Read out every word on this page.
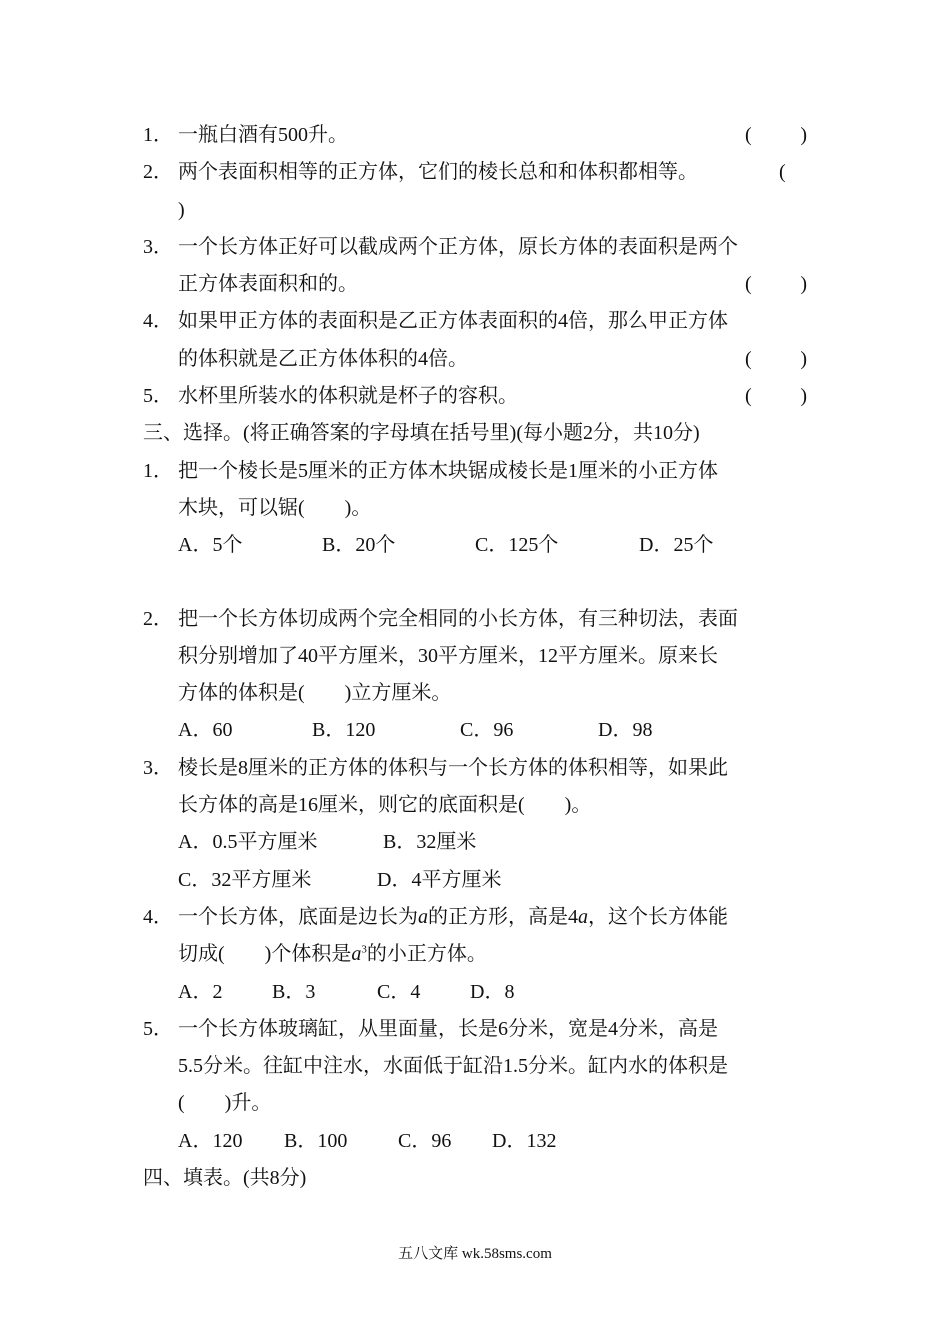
1． 一瓶白酒有500升。	( )
2． 两个表面积相等的正方体，它们的棱长总和和体积都相等。	(
)
3． 一个长方体正好可以截成两个正方体，原长方体的表面积是两个
正方体表面积和的。	( )
4． 如果甲正方体的表面积是乙正方体表面积的4倍，那么甲正方体
的体积就是乙正方体体积的4倍。	( )
5． 水杯里所装水的体积就是杯子的容积。	( )
三、选择。(将正确答案的字母填在括号里)(每小题2分，共10分)
1． 把一个棱长是5厘米的正方体木块锯成棱长是1厘米的小正方体
木块，可以锯(　　)。
A．5个	B．20个	C．125个	D．25个
2． 把一个长方体切成两个完全相同的小长方体，有三种切法，表面
积分别增加了40平方厘米，30平方厘米，12平方厘米。原来长
方体的体积是(　　)立方厘米。
A．60	B．120	C．96	D．98
3． 棱长是8厘米的正方体的体积与一个长方体的体积相等，如果此
长方体的高是16厘米，则它的底面积是(　　)。
A．0.5平方厘米	B．32厘米
C．32平方厘米	D．4平方厘米
4． 一个长方体，底面是边长为a的正方形，高是4a，这个长方体能
切成(　　)个体积是$a^3$的小正方体。
A．2	B．3	C．4	D．8
5． 一个长方体玻璃缸，从里面量，长是6分米，宽是4分米，高是
5.5分米。往缸中注水，水面低于缸沿1.5分米。缸内水的体积是
(　　)升。
A．120	B．100	C．96	D．132
四、填表。(共8分)
五八文库 wk.58sms.com
